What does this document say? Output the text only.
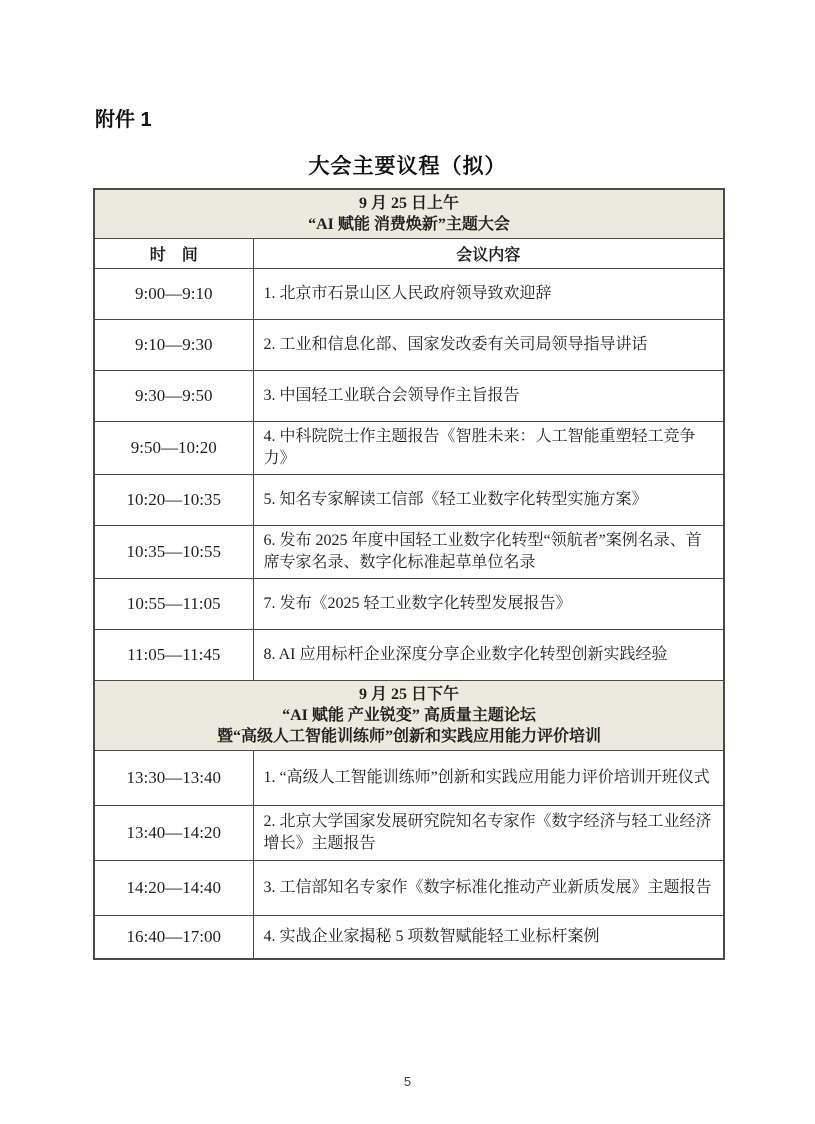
附件 1
大会主要议程（拟）
9 月 25 日上午
“AI 赋能 消费焕新”主题大会	

时　间	会议内容
9:00—9:10	1. 北京市石景山区人民政府领导致欢迎辞
9:10—9:30	2. 工业和信息化部、国家发改委有关司局领导指导讲话
9:30—9:50	3. 中国轻工业联合会领导作主旨报告
9:50—10:20	4. 中科院院士作主题报告《智胜未来：人工智能重塑轻工竞争力》
10:20—10:35	5. 知名专家解读工信部《轻工业数字化转型实施方案》
10:35—10:55	6. 发布 2025 年度中国轻工业数字化转型“领航者”案例名录、首席专家名录、数字化标准起草单位名录
10:55—11:05	7. 发布《2025 轻工业数字化转型发展报告》
11:05—11:45	8. AI 应用标杆企业深度分享企业数字化转型创新实践经验

9 月 25 日下午
“AI 赋能 产业锐变” 高质量主题论坛
暨“高级人工智能训练师”创新和实践应用能力评价培训	

13:30—13:40	1. “高级人工智能训练师”创新和实践应用能力评价培训开班仪式
13:40—14:20	2. 北京大学国家发展研究院知名专家作《数字经济与轻工业经济增长》主题报告
14:20—14:40	3. 工信部知名专家作《数字标准化推动产业新质发展》主题报告
16:40—17:00	4. 实战企业家揭秘 5 项数智赋能轻工业标杆案例
5
